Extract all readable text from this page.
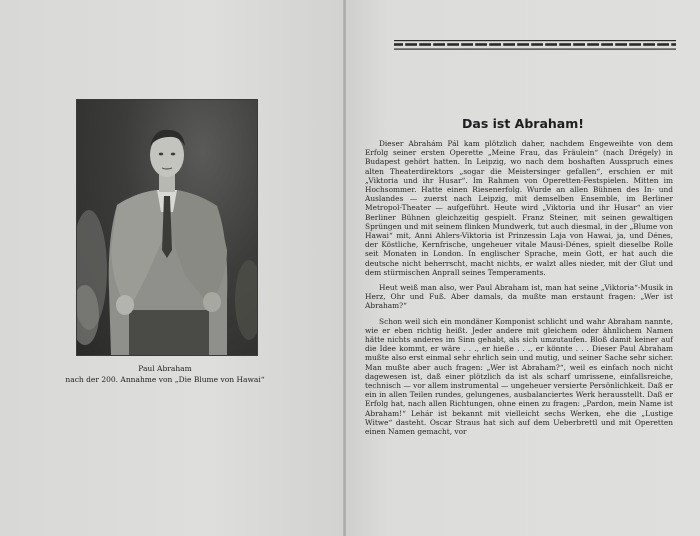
Paul Abraham
nach der 200. Annahme von „Die Blume von Hawai“
Das ist Abraham!

Dieser Abrahám Pál kam plötzlich daher, nachdem Engeweihte von dem Erfolg seiner ersten Operette „Meine Frau, das Fräulein“ (nach Drégely) in Budapest gehört hatten. In Leipzig, wo nach dem boshaften Ausspruch eines alten Theaterdirektors „sogar die Meistersinger gefallen“, erschien er mit „Viktoria und ihr Husar“. Im Rahmen von Operetten-Festspielen. Mitten im Hochsommer. Hatte einen Riesenerfolg. Wurde an allen Bühnen des In- und Auslandes — zuerst nach Leipzig, mit demselben Ensemble, im Berliner Metropol-Theater — aufgeführt. Heute wird „Viktoria und ihr Husar“ an vier Berliner Bühnen gleichzeitig gespielt. Franz Steiner, mit seinen gewaltigen Sprüngen und mit seinem flinken Mundwerk, tut auch diesmal, in der „Blume von Hawai“ mit, Anni Ahlers-Viktoria ist Prinzessin Laja von Hawai, ja, und Dénes, der Köstliche, Kernfrische, ungeheuer vitale Mausi-Dénes, spielt dieselbe Rolle seit Monaten in London. In englischer Sprache, mein Gott, er hat auch die deutsche nicht beherrscht, macht nichts, er walzt alles nieder, mit der Glut und dem stürmischen Anprall seines Temperaments.

Heut weiß man also, wer Paul Abraham ist, man hat seine „Viktoria“-Musik in Herz, Ohr und Fuß. Aber damals, da mußte man erstaunt fragen: „Wer ist Abraham?“

Schon weil sich ein mondäner Komponist schlicht und wahr Abraham nannte, wie er eben richtig heißt. Jeder andere mit gleichem oder ähnlichem Namen hätte nichts anderes im Sinn gehabt, als sich umzutaufen. Bloß damit keiner auf die Idee kommt, er wäre . . ., er hieße . . ., er könnte . . . Dieser Paul Abraham mußte also erst einmal sehr ehrlich sein und mutig, und seiner Sache sehr sicher. Man mußte aber auch fragen: „Wer ist Abraham?“, weil es einfach noch nicht dagewesen ist, daß einer plötzlich da ist als scharf umrissene, einfallsreiche, technisch — vor allem instrumental — ungeheuer versierte Persönlichkeit. Daß er ein in allen Teilen rundes, gelungenes, ausbalanciertes Werk herausstellt. Daß er Erfolg hat, nach allen Richtungen, ohne einen zu fragen: „Pardon, mein Name ist Abraham!“ Lehár ist bekannt mit vielleicht sechs Werken, ehe die „Lustige Witwe“ dasteht. Oscar Straus hat sich auf dem Ueberbrettl und mit Operetten einen Namen gemacht, vor
